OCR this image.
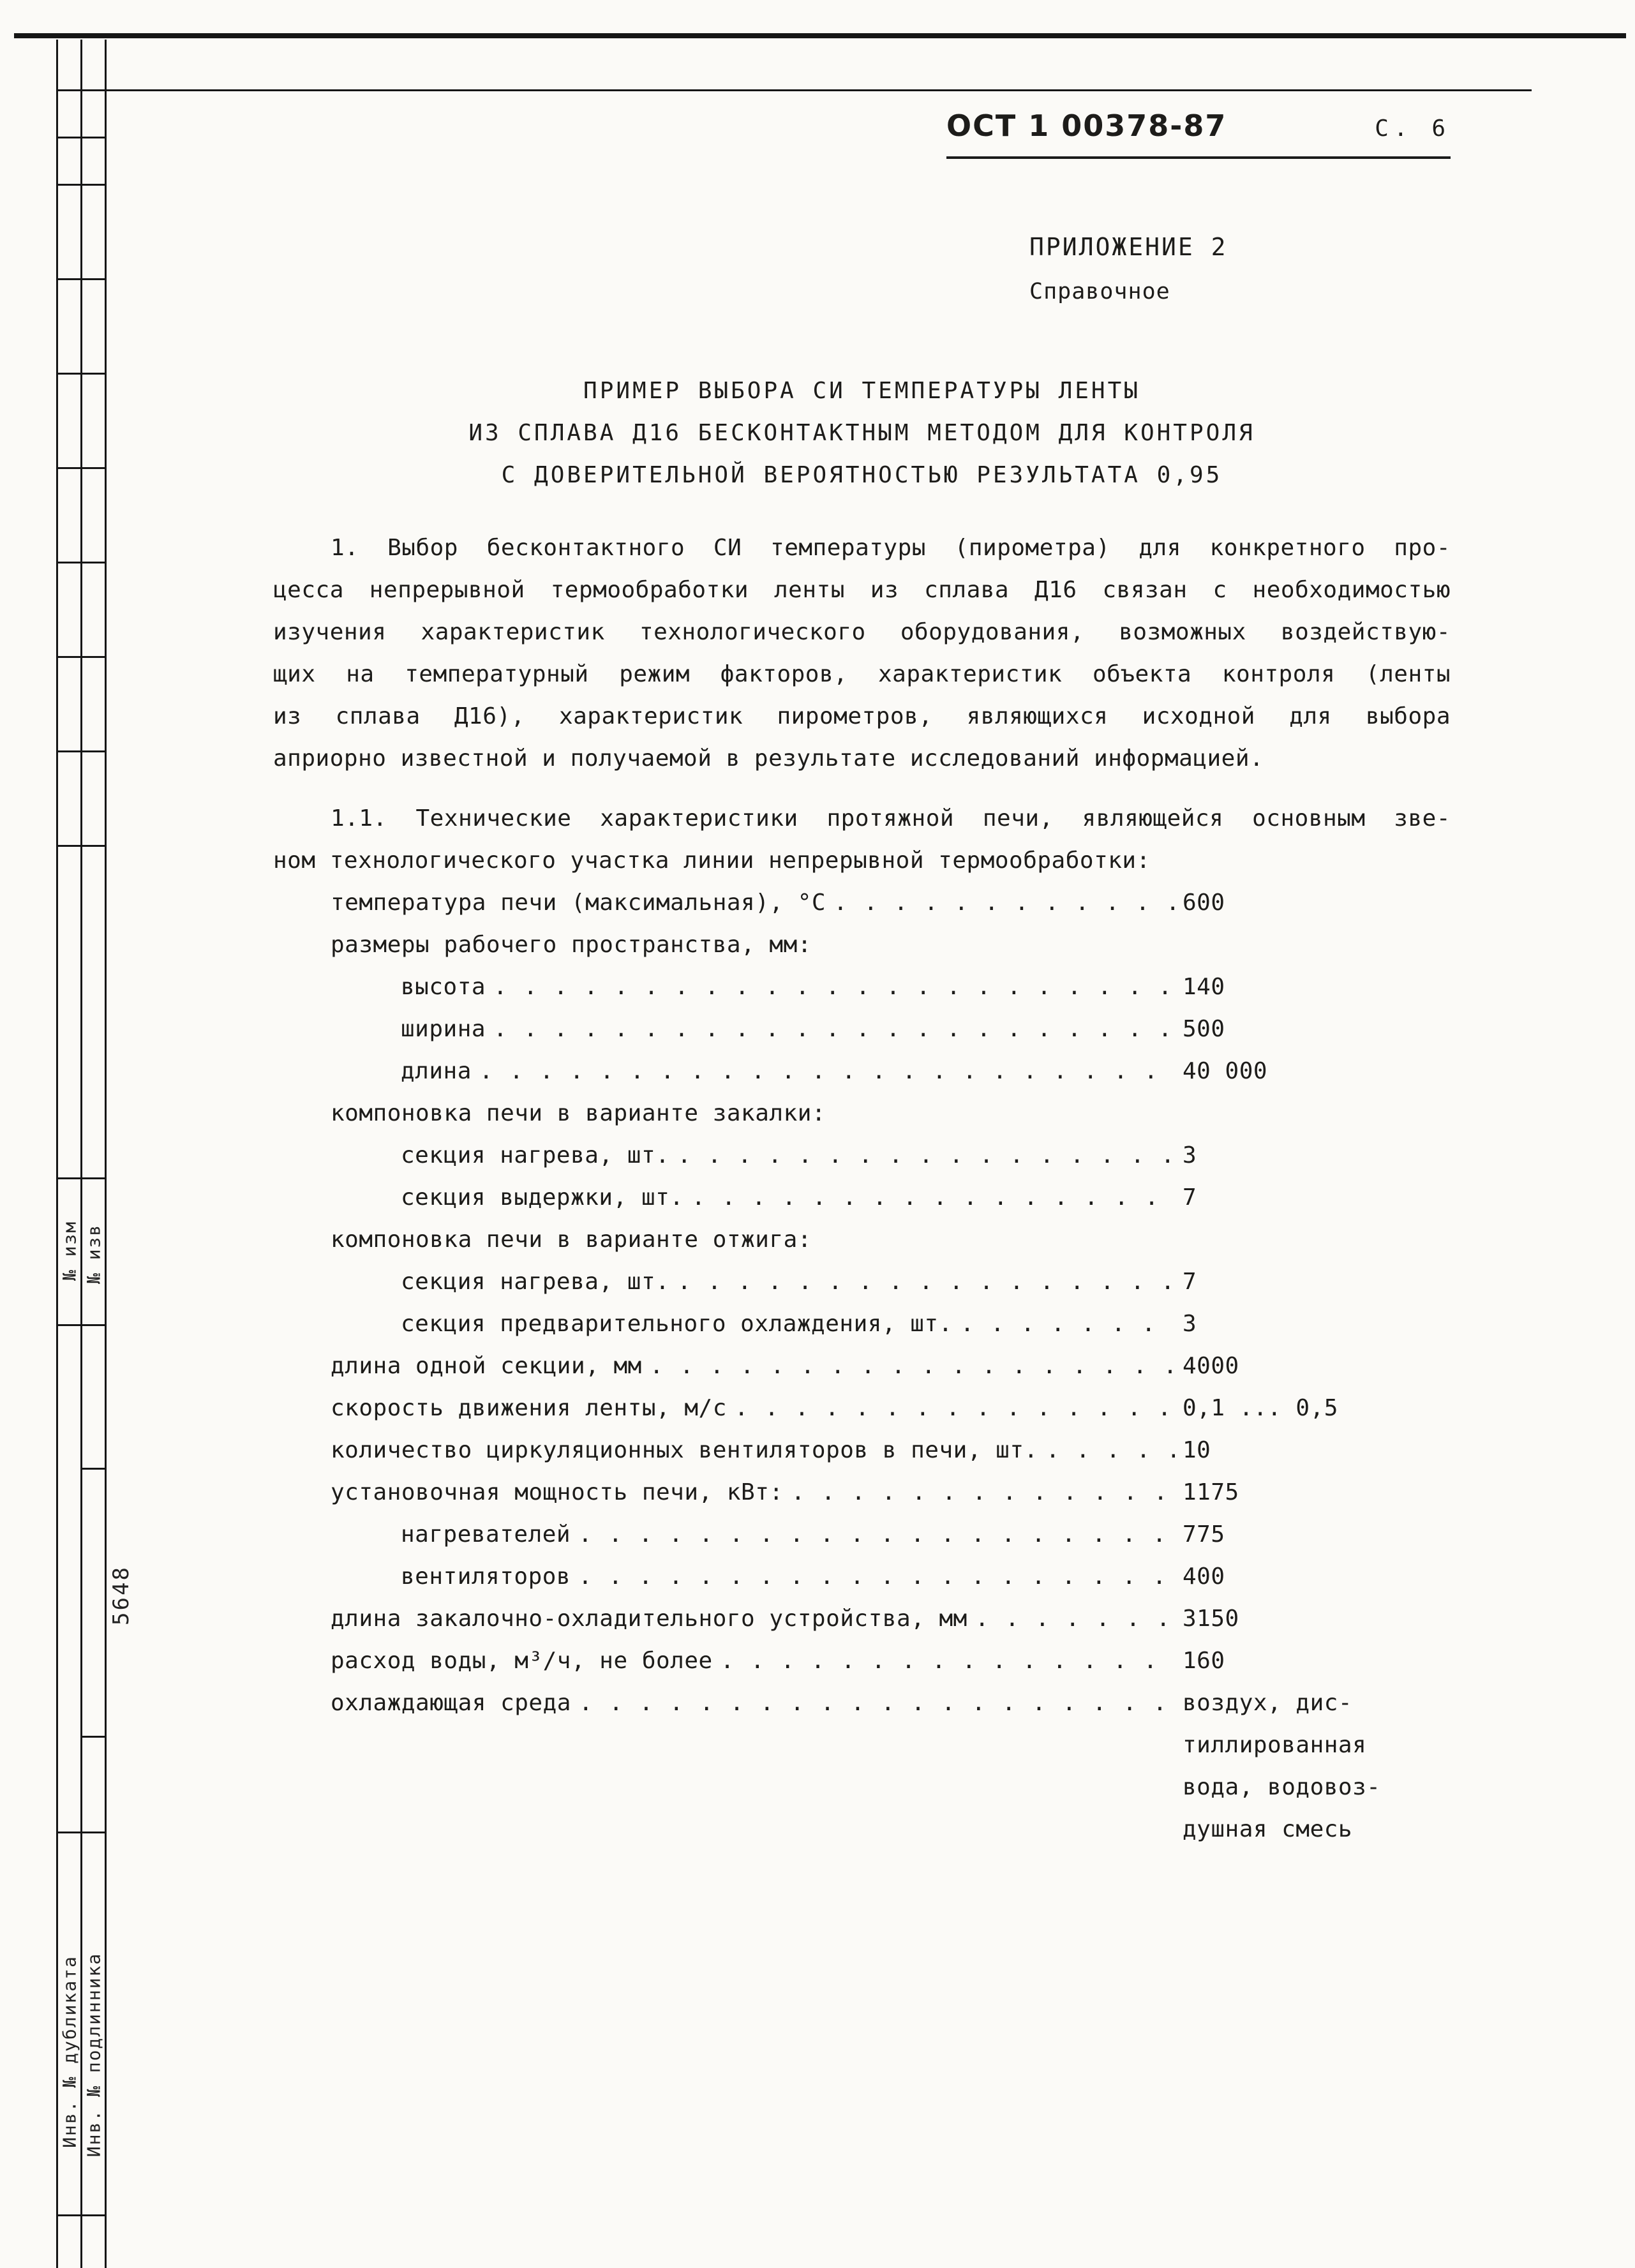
№ изм № изв
5648
Инв. № дубликата Инв. № подлинника
ОСТ 1 00378-87	С. 6
ПРИЛОЖЕНИЕ 2
Справочное
ПРИМЕР ВЫБОРА СИ ТЕМПЕРАТУРЫ ЛЕНТЫ
ИЗ СПЛАВА Д16 БЕСКОНТАКТНЫМ МЕТОДОМ ДЛЯ КОНТРОЛЯ
С ДОВЕРИТЕЛЬНОЙ ВЕРОЯТНОСТЬЮ РЕЗУЛЬТАТА 0,95
1. Выбор бесконтактного СИ температуры (пирометра) для конкретного про-
цесса непрерывной термообработки ленты из сплава Д16 связан с необходимостью
изучения характеристик технологического оборудования, возможных воздействую-
щих на температурный режим факторов, характеристик объекта контроля (ленты
из сплава Д16), характеристик пирометров, являющихся исходной для выбора
априорно известной и получаемой в результате исследований информацией.
1.1. Технические характеристики протяжной печи, являющейся основным зве-
ном технологического участка линии непрерывной термообработки:
температура печи (максимальная), °С . . .	600
размеры рабочего пространства, мм:
высота . . .	140
ширина . . .	500
длина . . .	40 000
компоновка печи в варианте закалки:
секция нагрева, шт. . . .	3
секция выдержки, шт. . . .	7
компоновка печи в варианте отжига:
секция нагрева, шт. . . .	7
секция предварительного охлаждения, шт. . . .	3
длина одной секции, мм . . .	4000
скорость движения ленты, м/с . . .	0,1 ... 0,5
количество циркуляционных вентиляторов в печи, шт. . . .	10
установочная мощность печи, кВт: . . .	1175
нагревателей . . .	775
вентиляторов . . .	400
длина закалочно-охладительного устройства, мм . . .	3150
расход воды, м³/ч, не более . . .	160
охлаждающая среда . . .	воздух, дис-
тиллированная
вода, водовоз-
душная смесь
